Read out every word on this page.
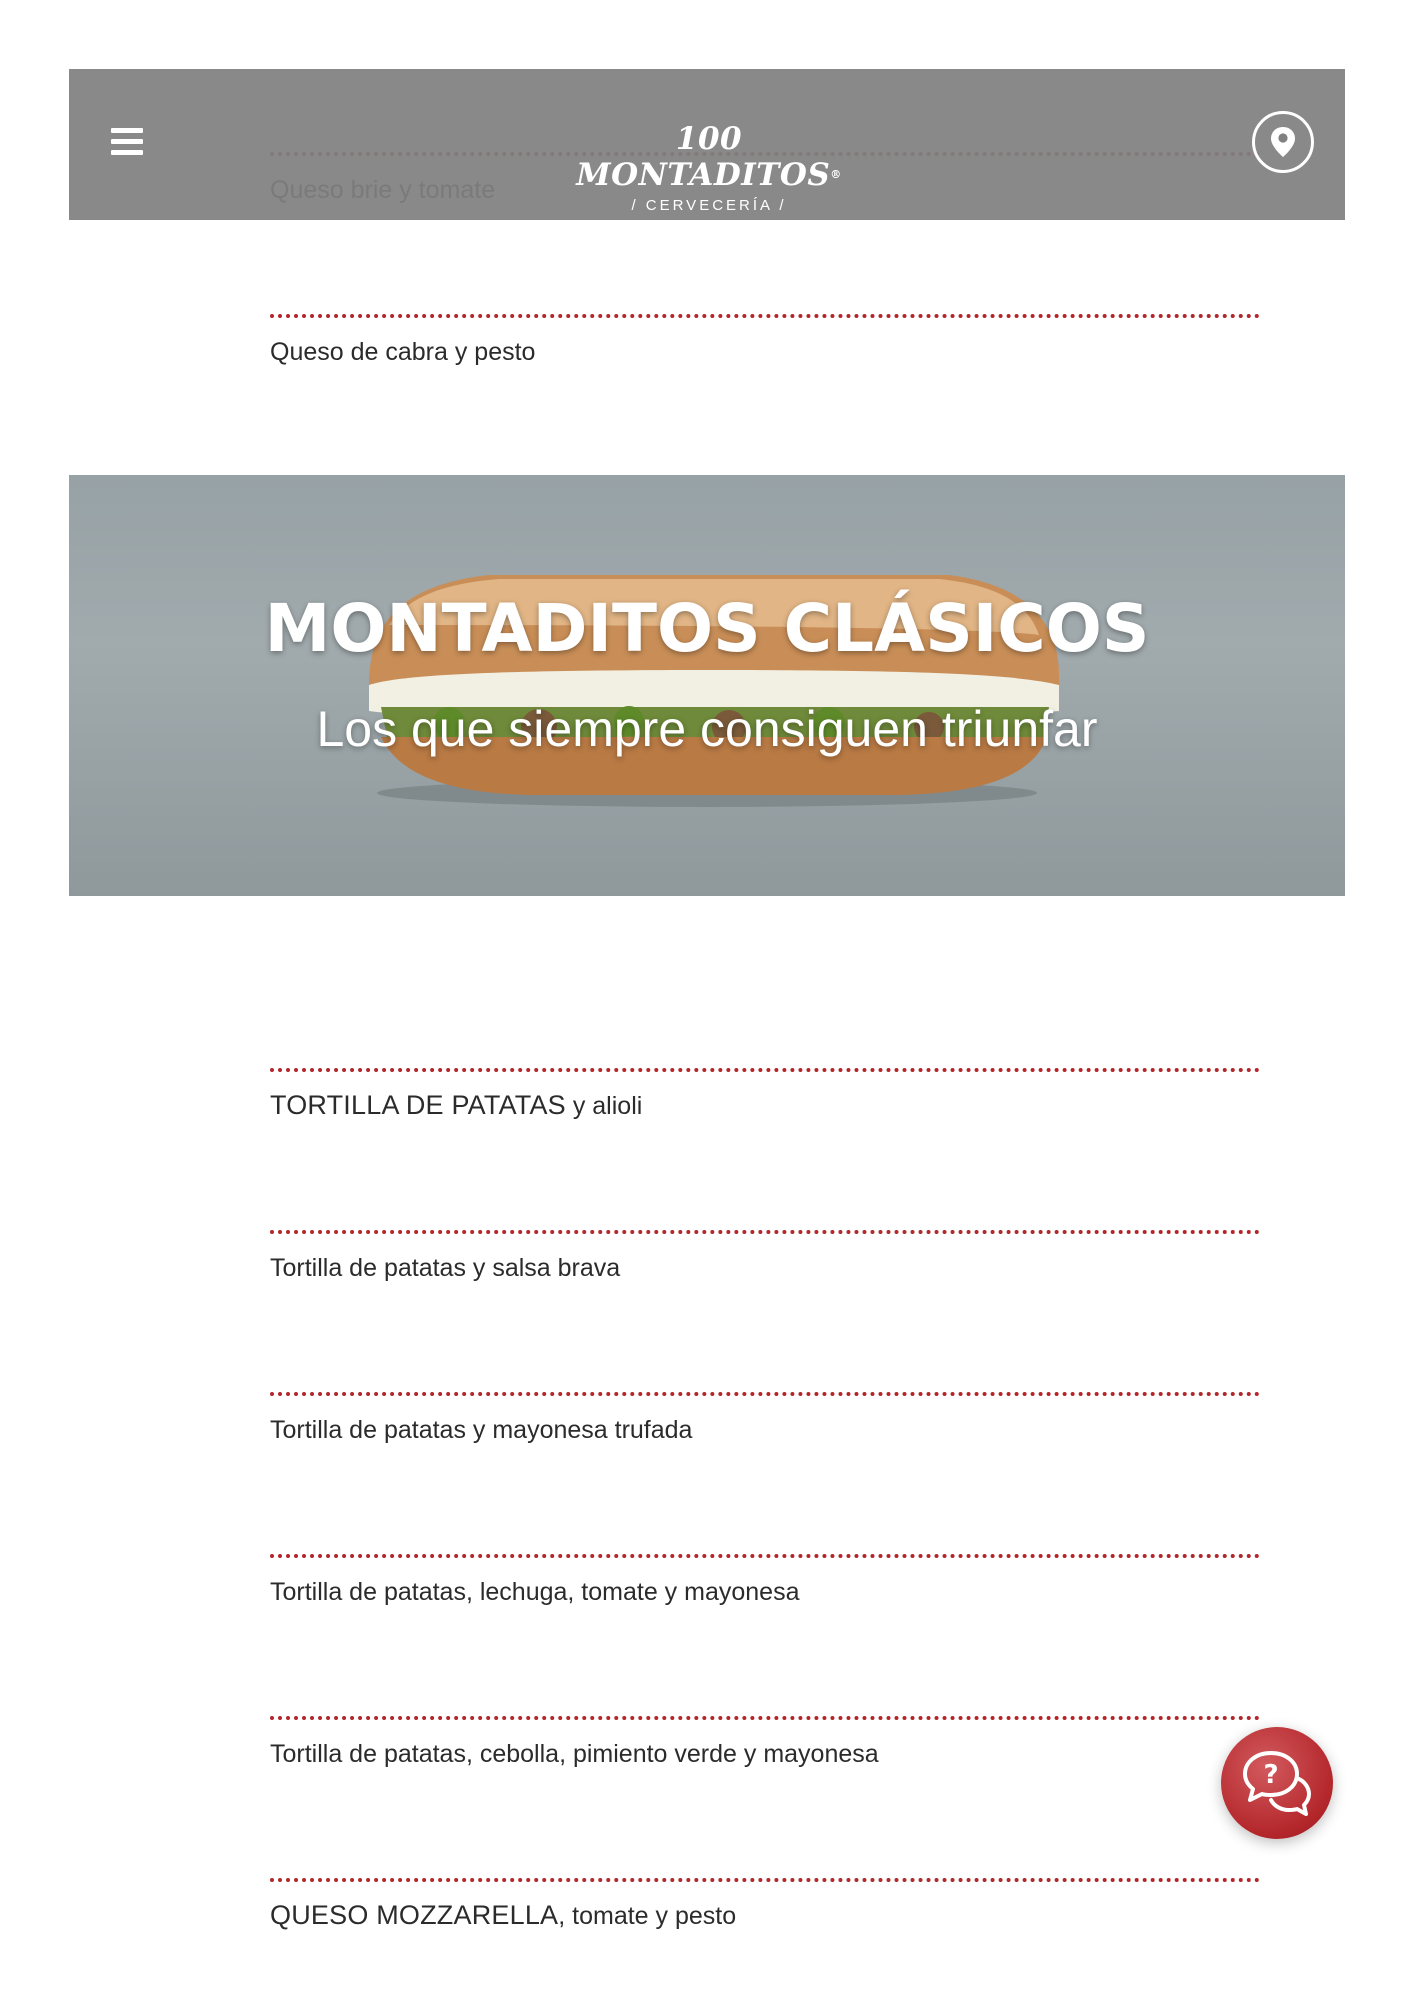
Queso de cabra y pesto
100 MONTADITOS®
/ CERVECERÍA /
MONTADITOS CLÁSICOS
Los que siempre consiguen triunfar
TORTILLA DE PATATAS y alioli
Tortilla de patatas y salsa brava
Tortilla de patatas y mayonesa trufada
Tortilla de patatas, lechuga, tomate y mayonesa
Tortilla de patatas, cebolla, pimiento verde y mayonesa
QUESO MOZZARELLA, tomate y pesto
?
